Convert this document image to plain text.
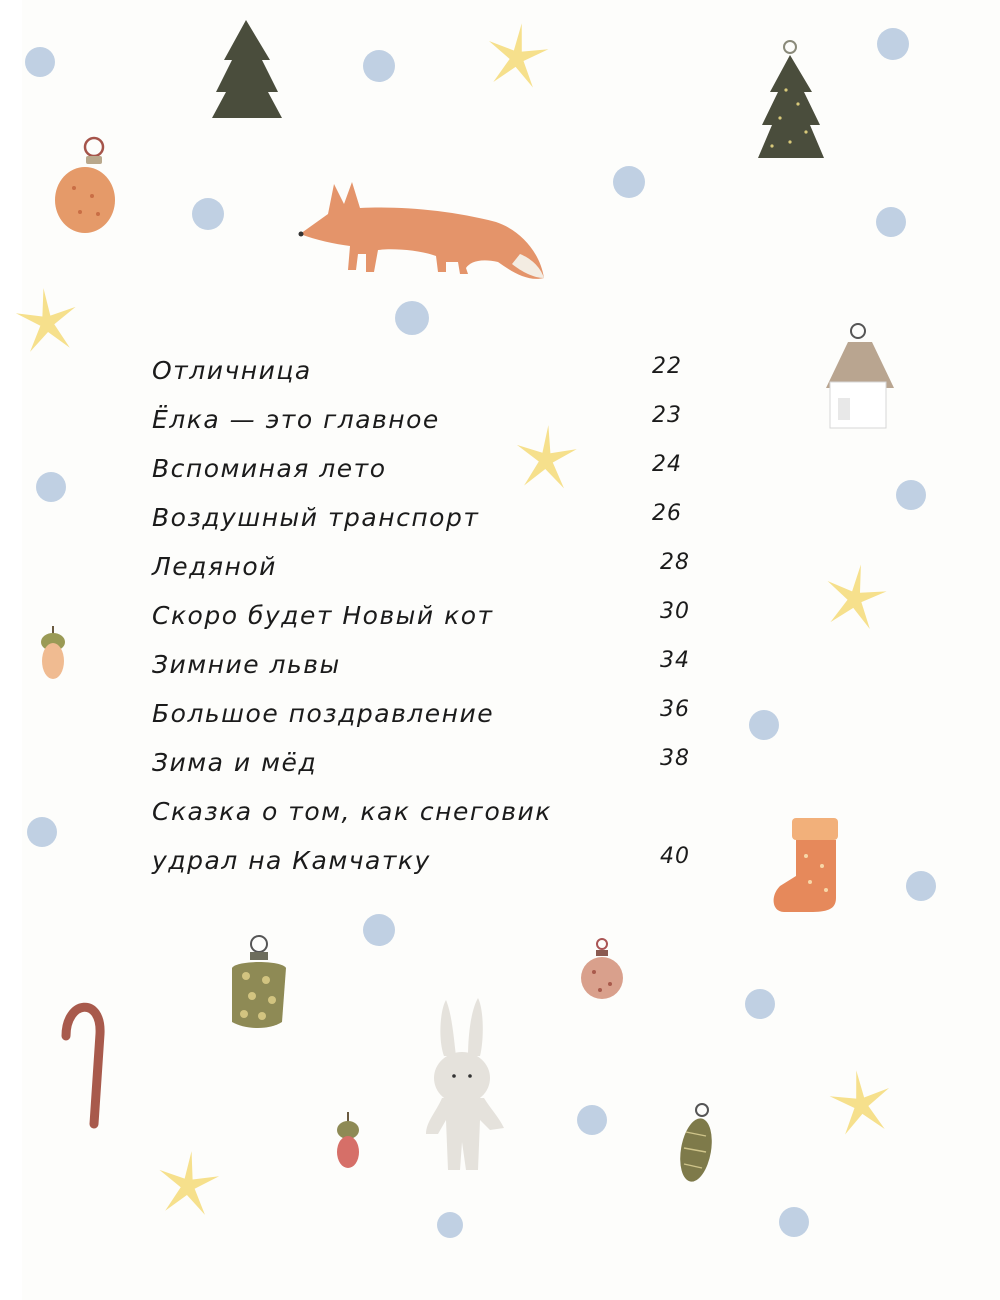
Отличница	22
Ёлка — это главное	23
Вспоминая лето	24
Воздушный транспорт	26
Ледяной	28
Скоро будет Новый кот	30
Зимние львы	34
Большое поздравление	36
Зима и мёд	38
Сказка о том, как снеговик
удрал на Камчатку	40
